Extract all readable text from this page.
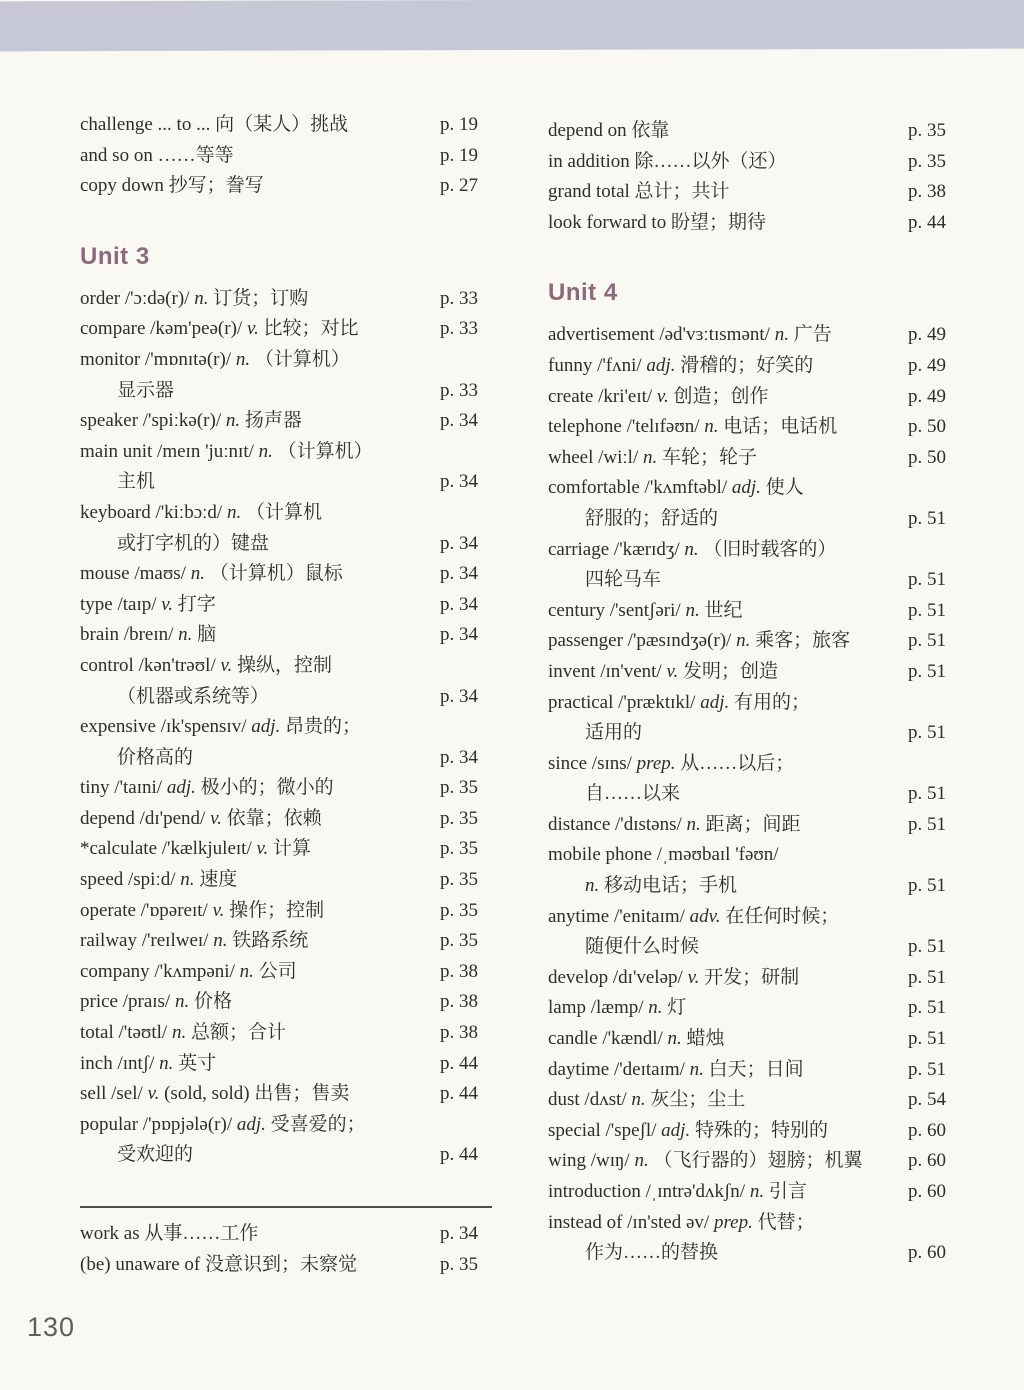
challenge ... to ... 向（某人）挑战	p. 19
and so on ……等等	p. 19
copy down 抄写；誊写	p. 27
Unit 3
order /'ɔːdə(r)/ n. 订货；订购	p. 33
compare /kəm'peə(r)/ v. 比较；对比	p. 33
monitor /'mɒnɪtə(r)/ n. （计算机）
显示器	p. 33
speaker /'spiːkə(r)/ n. 扬声器	p. 34
main unit /meɪn 'juːnɪt/ n. （计算机）
主机	p. 34
keyboard /'kiːbɔːd/ n. （计算机
或打字机的）键盘	p. 34
mouse /maʊs/ n. （计算机）鼠标	p. 34
type /taɪp/ v. 打字	p. 34
brain /breɪn/ n. 脑	p. 34
control /kən'trəʊl/ v. 操纵，控制
（机器或系统等）	p. 34
expensive /ɪk'spensɪv/ adj. 昂贵的；
价格高的	p. 34
tiny /'taɪni/ adj. 极小的；微小的	p. 35
depend /dɪ'pend/ v. 依靠；依赖	p. 35
*calculate /'kælkjuleɪt/ v. 计算	p. 35
speed /spiːd/ n. 速度	p. 35
operate /'ɒpəreɪt/ v. 操作；控制	p. 35
railway /'reɪlweɪ/ n. 铁路系统	p. 35
company /'kʌmpəni/ n. 公司	p. 38
price /praɪs/ n. 价格	p. 38
total /'təʊtl/ n. 总额；合计	p. 38
inch /ɪntʃ/ n. 英寸	p. 44
sell /sel/ v. (sold, sold) 出售；售卖	p. 44
popular /'pɒpjələ(r)/ adj. 受喜爱的；
受欢迎的	p. 44
work as 从事……工作	p. 34
(be) unaware of 没意识到；未察觉	p. 35
depend on 依靠	p. 35
in addition 除……以外（还）	p. 35
grand total 总计；共计	p. 38
look forward to 盼望；期待	p. 44
Unit 4
advertisement /əd'vɜːtɪsmənt/ n. 广告	p. 49
funny /'fʌni/ adj. 滑稽的；好笑的	p. 49
create /kri'eɪt/ v. 创造；创作	p. 49
telephone /'telɪfəʊn/ n. 电话；电话机	p. 50
wheel /wiːl/ n. 车轮；轮子	p. 50
comfortable /'kʌmftəbl/ adj. 使人
舒服的；舒适的	p. 51
carriage /'kærɪdʒ/ n. （旧时载客的）
四轮马车	p. 51
century /'sentʃəri/ n. 世纪	p. 51
passenger /'pæsɪndʒə(r)/ n. 乘客；旅客	p. 51
invent /ɪn'vent/ v. 发明；创造	p. 51
practical /'præktɪkl/ adj. 有用的；
适用的	p. 51
since /sɪns/ prep. 从……以后；
自……以来	p. 51
distance /'dɪstəns/ n. 距离；间距	p. 51
mobile phone /ˌməʊbaɪl 'fəʊn/
n. 移动电话；手机	p. 51
anytime /'enitaɪm/ adv. 在任何时候；
随便什么时候	p. 51
develop /dɪ'veləp/ v. 开发；研制	p. 51
lamp /læmp/ n. 灯	p. 51
candle /'kændl/ n. 蜡烛	p. 51
daytime /'deɪtaɪm/ n. 白天；日间	p. 51
dust /dʌst/ n. 灰尘；尘土	p. 54
special /'speʃl/ adj. 特殊的；特别的	p. 60
wing /wɪŋ/ n. （飞行器的）翅膀；机翼 p. 60
introduction /ˌɪntrə'dʌkʃn/ n. 引言	p. 60
instead of /ɪn'sted əv/ prep. 代替；
作为……的替换	p. 60
130
